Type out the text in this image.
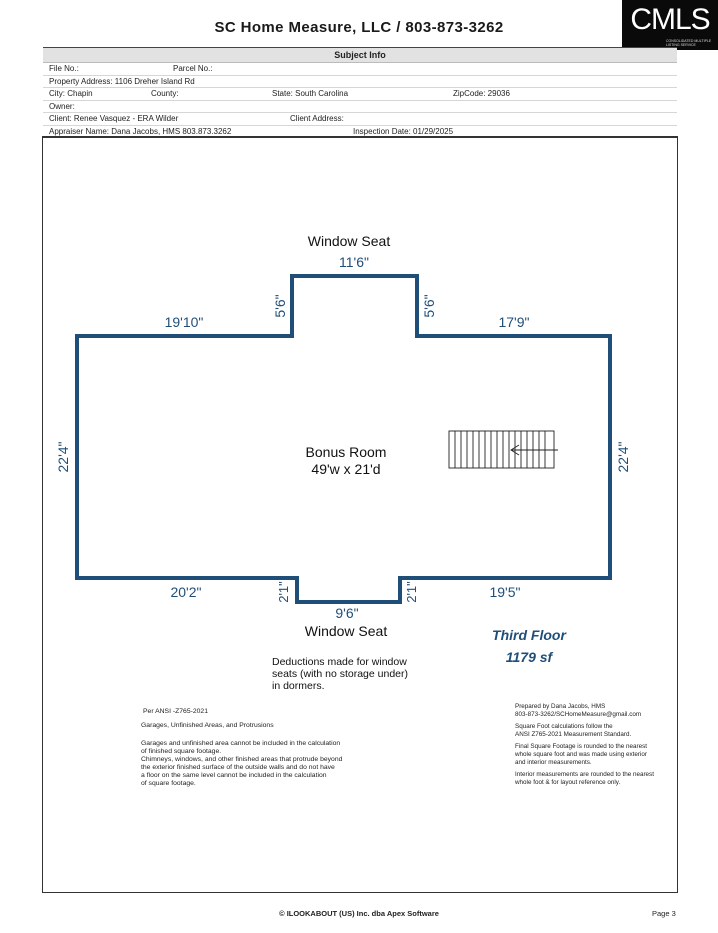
SC Home Measure, LLC / 803-873-3262	CMLS
CONSOLIDATED MULTIPLE LISTING SERVICE
Subject Info
File No.:	Parcel No.:
Property Address: 1106 Dreher Island Rd
City: Chapin	County:	State: South Carolina	ZipCode: 29036
Owner:
Client: Renee Vasquez - ERA Wilder	Client Address:
Appraiser Name: Dana Jacobs, HMS 803.873.3262	Inspection Date: 01/29/2025
Window Seat
11'6"
19'10"	17'9"
5'6"	5'6"
22'4"	22'4"
Bonus Room
49'w x 21'd
20'2"	19'5"
2'1"	2'1"
9'6"
Window Seat	Third Floor
1179 sf
Deductions made for window
seats (with no storage under)
in dormers.
Per ANSI -Z765-2021
Garages, Unfinished Areas, and Protrusions
Garages and unfinished area cannot be included in the calculation
of finished square footage.
Chimneys, windows, and other finished areas that protrude beyond
the exterior finished surface of the outside walls and do not have
a floor on the same level cannot be included in the calculation
of square footage.
Prepared by Dana Jacobs, HMS
803-873-3262/SCHomeMeasure@gmail.com
Square Foot calculations follow the
ANSI Z765-2021 Measurement Standard.
Final Square Footage is rounded to the nearest
whole square foot and was made using exterior
and interior measurements.
Interior measurements are rounded to the nearest
whole foot & for layout reference only.
© ILOOKABOUT (US) Inc. dba Apex Software	Page 3
